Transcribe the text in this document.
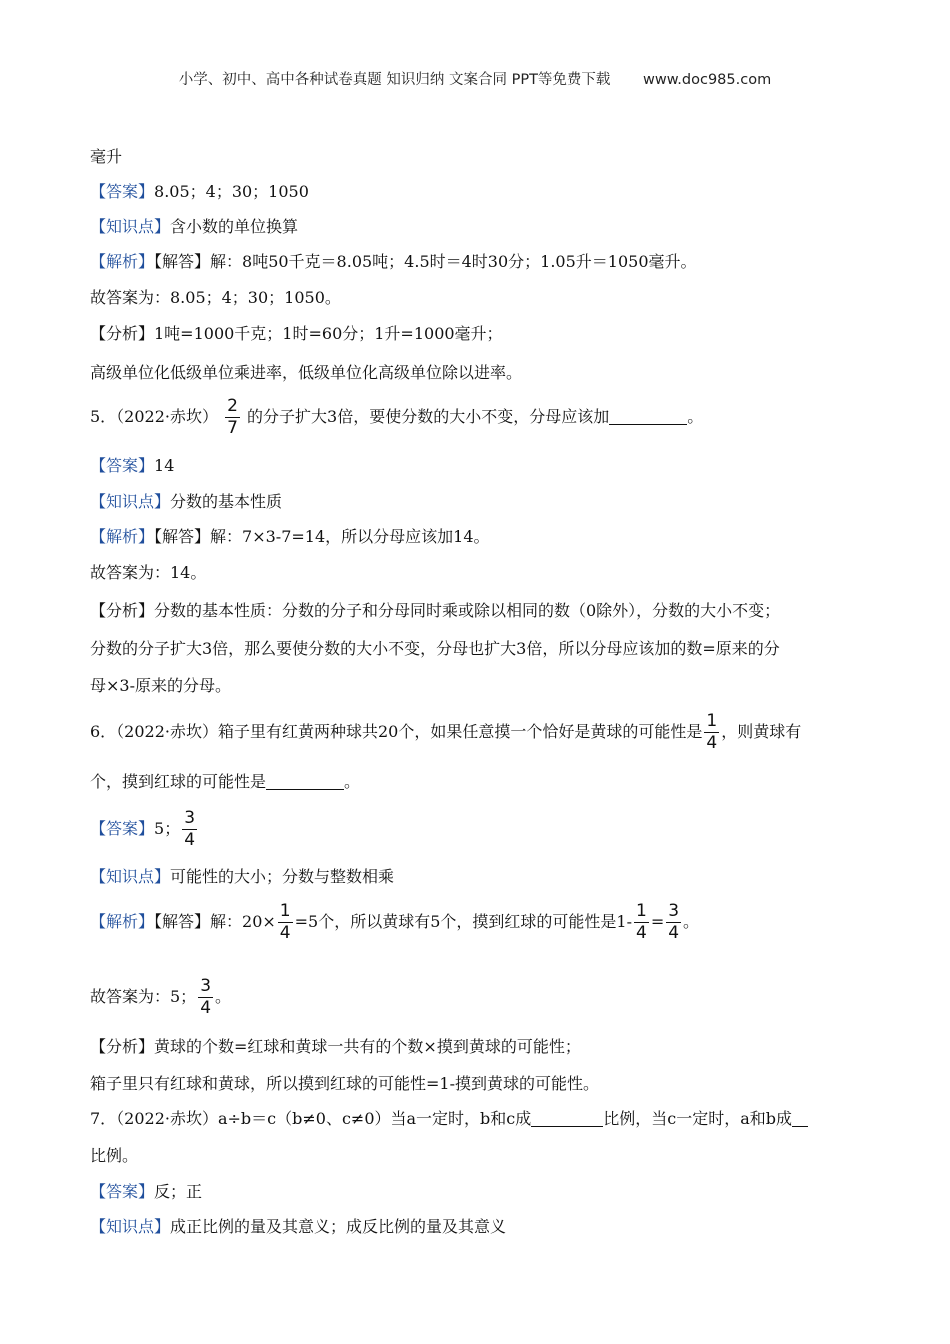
小学、初中、高中各种试卷真题 知识归纳 文案合同 PPT等免费下载 www.doc985.com
毫升
【答案】8.05；4；30；1050
【知识点】含小数的单位换算
【解析】【解答】解：8吨50千克＝8.05吨；4.5时＝4时30分；1.05升＝1050毫升。
故答案为：8.05；4；30；1050。
【分析】1吨=1000千克；1时=60分；1升=1000毫升；
高级单位化低级单位乘进率，低级单位化高级单位除以进率。
5．（2022·赤坎） $\frac{2}{7}$ 的分子扩大3倍，要使分数的大小不变，分母应该加	。
【答案】14
【知识点】分数的基本性质
【解析】【解答】解：7×3-7=14，所以分母应该加14。
故答案为：14。
【分析】分数的基本性质：分数的分子和分母同时乘或除以相同的数（0除外），分数的大小不变；
分数的分子扩大3倍，那么要使分数的大小不变，分母也扩大3倍，所以分母应该加的数=原来的分
母×3-原来的分母。
6．（2022·赤坎）箱子里有红黄两种球共20个，如果任意摸一个恰好是黄球的可能性是 $\frac{1}{4}$ ，则黄球有
个，摸到红球的可能性是	。
【答案】5； $\frac{3}{4}$
【知识点】可能性的大小；分数与整数相乘
【解析】【解答】解：$20\times \frac{1}{4} =5$个，所以黄球有5个，摸到红球的可能性是$1- \frac{1}{4} = \frac{3}{4}$ 。
故答案为：5； $\frac{3}{4}$ 。
【分析】黄球的个数=红球和黄球一共有的个数×摸到黄球的可能性；
箱子里只有红球和黄球，所以摸到红球的可能性=1-摸到黄球的可能性。
7．（2022·赤坎）a÷b＝c（b≠0、c≠0）当a一定时，b和c成	比例，当c一定时，a和b成
比例。
【答案】反；正
【知识点】成正比例的量及其意义；成反比例的量及其意义
